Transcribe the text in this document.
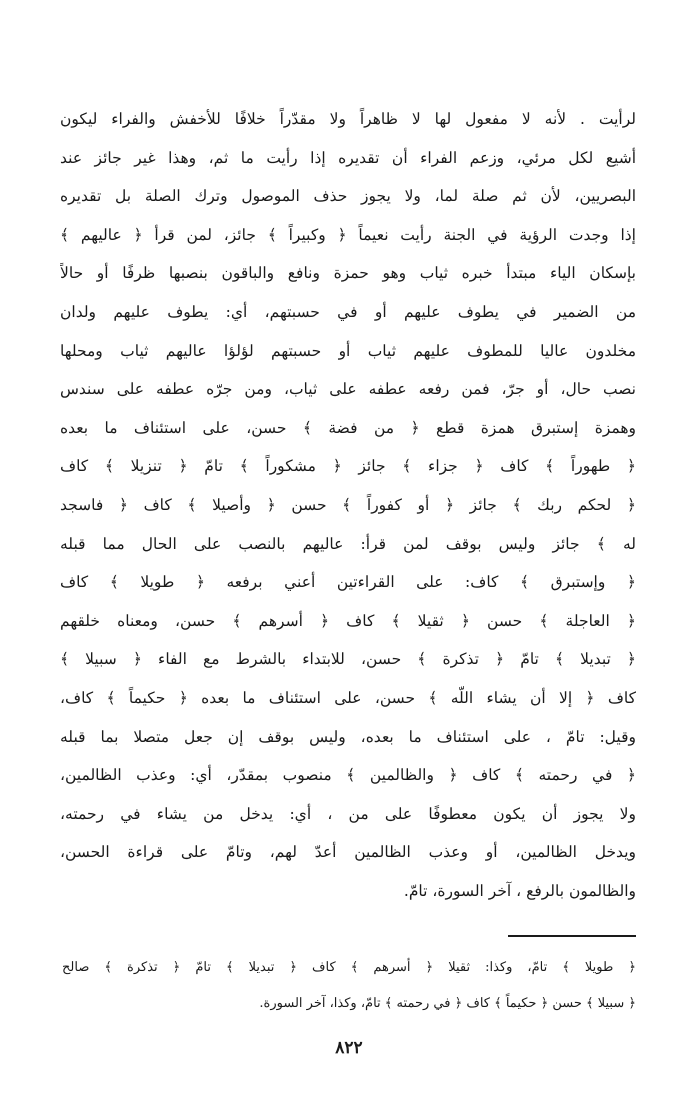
لرأيت . لأنه لا مفعول لها لا ظاهراً ولا مقدّراً خلافًا للأخفش والفراء ليكون
أشيع لكل مرئي، وزعم الفراء أن تقديره إذا رأيت ما ثم، وهذا غير جائز عند
البصريين، لأن ثم صلة لما، ولا يجوز حذف الموصول وترك الصلة بل تقديره
إذا وجدت الرؤية في الجنة رأيت نعيماً ﴿ وكبيراً ﴾ جائز، لمن قرأ ﴿ عاليهم ﴾
بإسكان الياء مبتدأ خبره ثياب وهو حمزة ونافع والباقون بنصبها ظرفًا أو حالاً
من الضمير في يطوف عليهم أو في حسبتهم، أي: يطوف عليهم ولدان
مخلدون عاليا للمطوف عليهم ثياب أو حسبتهم لؤلؤا عاليهم ثياب ومحلها
نصب حال، أو جرّ، فمن رفعه عطفه على ثياب، ومن جرّه عطفه على سندس
وهمزة إستبرق همزة قطع ﴿ من فضة ﴾ حسن، على استئناف ما بعده
﴿ طهوراً ﴾ كاف ﴿ جزاء ﴾ جائز ﴿ مشكوراً ﴾ تامّ ﴿ تنزيلا ﴾ كاف
﴿ لحكم ربك ﴾ جائز ﴿ أو كفوراً ﴾ حسن ﴿ وأصيلا ﴾ كاف ﴿ فاسجد
له ﴾ جائز وليس بوقف لمن قرأ: عاليهم بالنصب على الحال مما قبله
﴿ وإستبرق ﴾ كاف: على القراءتين أعني برفعه ﴿ طويلا ﴾ كاف
﴿ العاجلة ﴾ حسن ﴿ ثقيلا ﴾ كاف ﴿ أسرهم ﴾ حسن، ومعناه خلقهم
﴿ تبديلا ﴾ تامّ ﴿ تذكرة ﴾ حسن، للابتداء بالشرط مع الفاء ﴿ سبيلا ﴾
كاف ﴿ إلا أن يشاء اللّه ﴾ حسن، على استئناف ما بعده ﴿ حكيماً ﴾ كاف،
وقيل: تامّ ، على استئناف ما بعده، وليس بوقف إن جعل متصلا بما قبله
﴿ في رحمته ﴾ كاف ﴿ والظالمين ﴾ منصوب بمقدّر، أي: وعذب الظالمين،
ولا يجوز أن يكون معطوفًا على من ، أي: يدخل من يشاء في رحمته،
ويدخل الظالمين، أو وعذب الظالمين أعدّ لهم، وتامّ على قراءة الحسن،
والظالمون بالرفع ، آخر السورة، تامّ.
﴿ طويلا ﴾ تامّ، وكذا: ثقيلا ﴿ أسرهم ﴾ كاف ﴿ تبديلا ﴾ تامّ ﴿ تذكرة ﴾ صالح
﴿ سبيلا ﴾ حسن ﴿ حكيماً ﴾ كاف ﴿ في رحمته ﴾ تامّ، وكذا، آخر السورة.
٨٢٢
